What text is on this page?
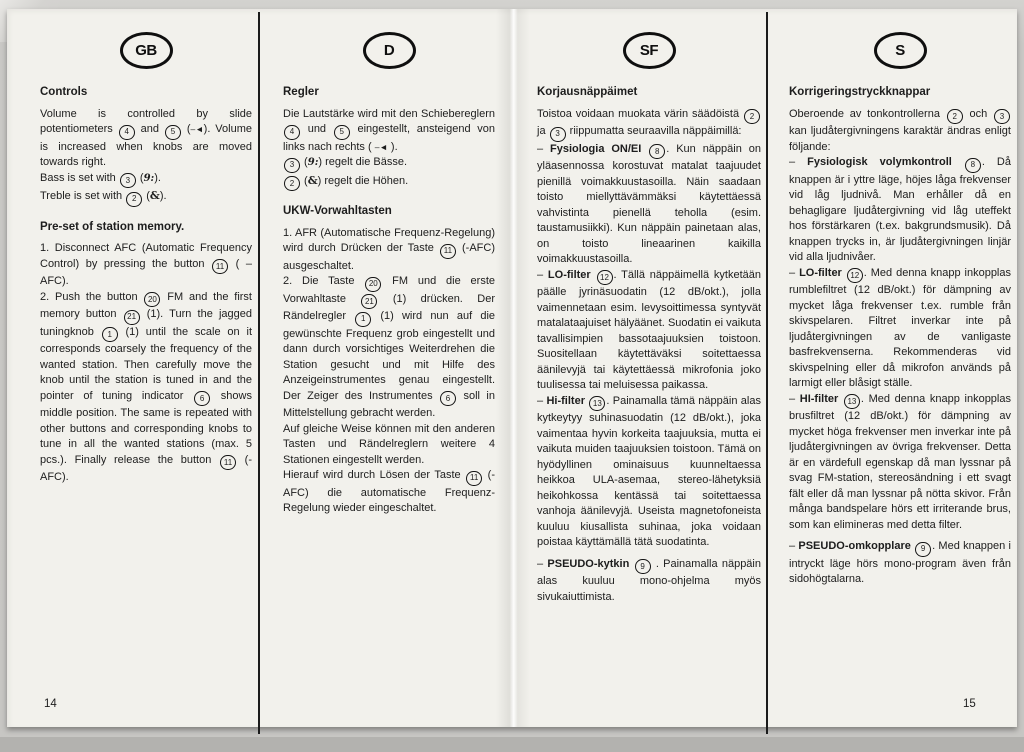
GB
Controls

Volume is controlled by slide potentiometers 4 and 5 (–◄). Volume is increased when knobs are moved towards right.

Bass is set with 3 (9:).

Treble is set with 2 (&).

Pre-set of station memory.

1. Disconnect AFC (Automatic Frequency Control) by pressing the button 11 ( –AFC).

2. Push the button 20 FM and the first memory button 21 (1). Turn the jagged tuningknob 1 (1) until the scale on it corresponds coarsely the frequency of the wanted station. Then carefully move the knob until the station is tuned in and the pointer of tuning indicator 6 shows middle position. The same is repeated with other buttons and corresponding knobs to tune in all the wanted stations (max. 5 pcs.). Finally release the button 11 (-AFC).

D
Regler

Die Lautstärke wird mit den Schiebereglern 4 und 5 eingestellt, ansteigend von links nach rechts ( –◄ ).

3 (9:) regelt die Bässe.

2 (&) regelt die Höhen.

UKW-Vorwahltasten

1. AFR (Automatische Frequenz-Regelung) wird durch Drücken der Taste 11 (-AFC) ausgeschaltet.

2. Die Taste 20 FM und die erste Vorwahltaste 21 (1) drücken. Der Rändelregler 1 (1) wird nun auf die gewünschte Frequenz grob eingestellt und dann durch vorsichtiges Weiterdrehen die Station gesucht und mit Hilfe des Anzeigeinstrumentes genau eingestellt. Der Zeiger des Instrumentes 6 soll in Mittelstellung gebracht werden.

Auf gleiche Weise können mit den anderen Tasten und Rändelreglern weitere 4 Stationen eingestellt werden.

Hierauf wird durch Lösen der Taste 11 (-AFC) die automatische Frequenz-Regelung wieder eingeschaltet.

SF
Korjausnäppäimet

Toistoa voidaan muokata värin säädöistä 2 ja 3 riippumatta seuraavilla näppäimillä:

– Fysiologia ON/EI 8 . Kun näppäin on yläasennossa korostuvat matalat taajuudet pienillä voimakkuustasoilla. Näin saadaan toisto miellyttävämmäksi käytettäessä vahvistinta pienellä teholla (esim. taustamusiikki). Kun näppäin painetaan alas, on toisto lineaarinen kaikilla voimakkuustasoilla.

– LO-filter 12 . Tällä näppäimellä kytketään päälle jyrinäsuodatin (12 dB/okt.), jolla vaimennetaan esim. levysoittimessa syntyvät matalataajuiset hälyäänet. Suodatin ei vaikuta tavallisimpien bassotaajuuksien toistoon. Suositellaan käytettäväksi soitettaessa äänilevyjä tai käytettäessä mikrofonia joko tuulisessa tai meluisessa paikassa.

– Hi-filter 13 . Painamalla tämä näppäin alas kytkeytyy suhinasuodatin (12 dB/okt.), joka vaimentaa hyvin korkeita taajuuksia, mutta ei vaikuta muiden taajuuksien toistoon. Tämä on hyödyllinen ominaisuus kuunneltaessa heikkoa ULA-asemaa, stereo-lähetyksiä heikohkossa kentässä tai soitettaessa vanhoja äänilevyjä. Useista magnetofoneista kuuluu kiusallista suhinaa, joka voidaan poistaa käyttämällä tätä suodatinta.

– PSEUDO-kytkin 9 . Painamalla näppäin alas kuuluu mono-ohjelma myös sivukaiuttimista.

S
Korrigeringstryckknappar

Oberoende av tonkontrollerna 2 och 3 kan ljudåtergivningens karaktär ändras enligt följande:

– Fysiologisk volymkontroll 8 . Då knappen är i yttre läge, höjes låga frekvenser vid låg ljudnivå. Man erhåller då en behagligare ljudåtergivning vid låg uteffekt hos förstärkaren (t.ex. bakgrundsmusik). Då knappen trycks in, är ljudåtergivningen linjär vid alla ljudnivåer.

– LO-filter 12 . Med denna knapp inkopplas rumblefiltret (12 dB/okt.) för dämpning av mycket låga frekvenser t.ex. rumble från skivspelaren. Filtret inverkar inte på ljudåtergivningen av de vanligaste basfrekvenserna. Rekommenderas vid skivspelning eller då mikrofon används på larmigt eller blåsigt ställe.

– HI-filter 13 . Med denna knapp inkopplas brusfiltret (12 dB/okt.) för dämpning av mycket höga frekvenser men inverkar inte på ljudåtergivningen av övriga frekvenser. Detta är en värdefull egenskap då man lyssnar på svag FM-station, stereosändning i ett svagt fält eller då man lyssnar på nötta skivor. Från många bandspelare hörs ett irriterande brus, som kan elimineras med detta filter.

– PSEUDO-omkopplare 9 . Med knappen i intryckt läge hörs mono-program även från sidohögtalarna.

14	15
